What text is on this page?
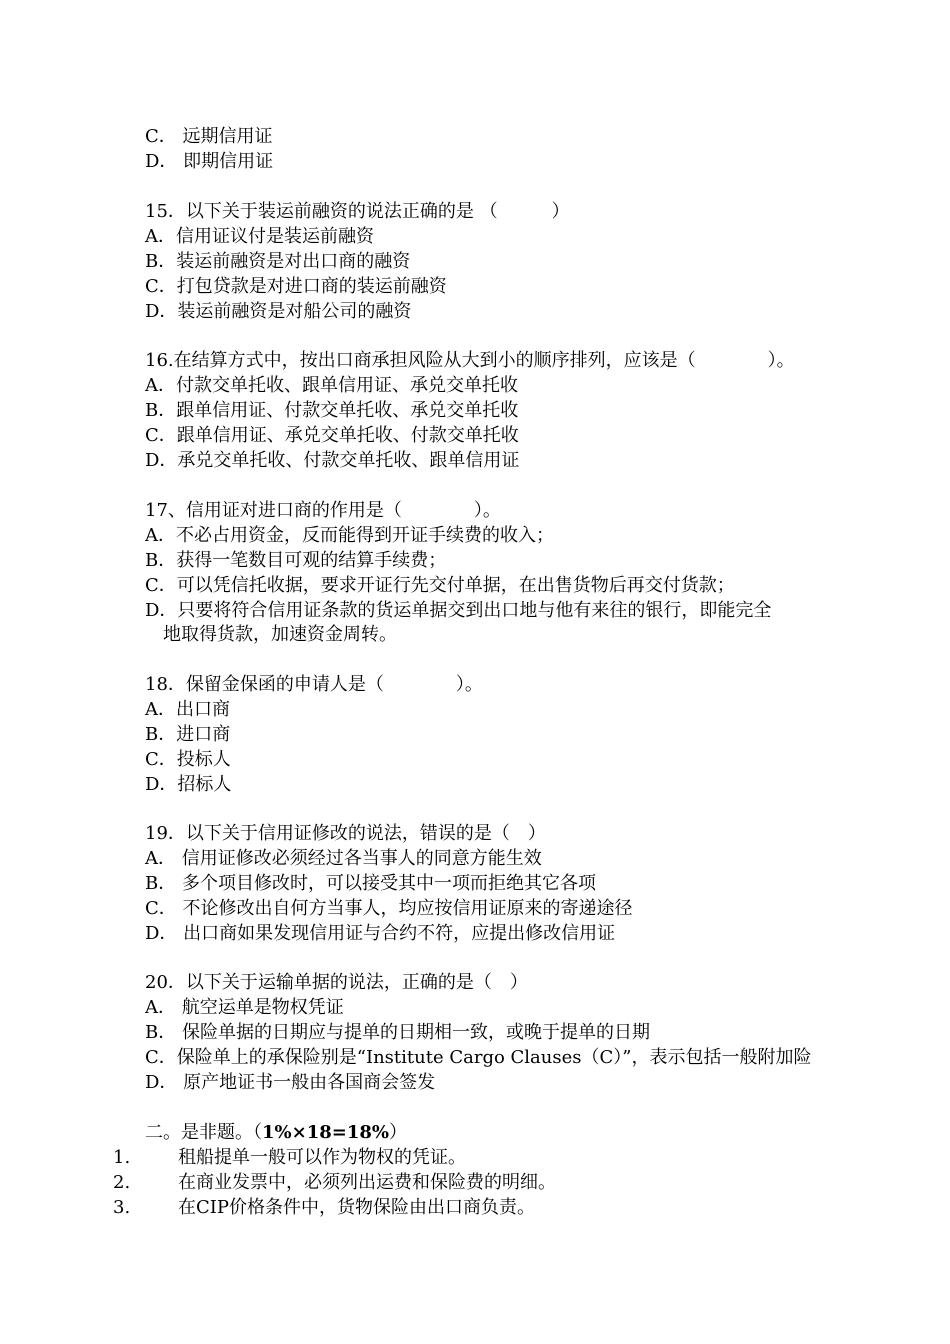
C． 远期信用证
D． 即期信用证
15．以下关于装运前融资的说法正确的是 （　　　）
A．信用证议付是装运前融资
B．装运前融资是对出口商的融资
C．打包贷款是对进口商的装运前融资
D．装运前融资是对船公司的融资
16.在结算方式中，按出口商承担风险从大到小的顺序排列，应该是（　　　　）。
A．付款交单托收、跟单信用证、承兑交单托收
B．跟单信用证、付款交单托收、承兑交单托收
C．跟单信用证、承兑交单托收、付款交单托收
D．承兑交单托收、付款交单托收、跟单信用证
17、信用证对进口商的作用是（　　　　）。
A．不必占用资金，反而能得到开证手续费的收入；
B．获得一笔数目可观的结算手续费；
C．可以凭信托收据，要求开证行先交付单据，在出售货物后再交付货款；
D．只要将符合信用证条款的货运单据交到出口地与他有来往的银行，即能完全
地取得货款，加速资金周转。
18．保留金保函的申请人是（　　　　）。
A．出口商
B．进口商
C．投标人
D．招标人
19．以下关于信用证修改的说法，错误的是（　）
A． 信用证修改必须经过各当事人的同意方能生效
B． 多个项目修改时，可以接受其中一项而拒绝其它各项
C． 不论修改出自何方当事人，均应按信用证原来的寄递途径
D． 出口商如果发现信用证与合约不符，应提出修改信用证
20．以下关于运输单据的说法，正确的是（　）
A． 航空运单是物权凭证
B． 保险单据的日期应与提单的日期相一致，或晚于提单的日期
C．保险单上的承保险别是“Institute Cargo Clauses（C）”，表示包括一般附加险
D． 原产地证书一般由各国商会签发
二。是非题。（1%×18=18%）
1.	租船提单一般可以作为物权的凭证。
2.	在商业发票中，必须列出运费和保险费的明细。
3.	在CIP价格条件中，货物保险由出口商负责。
